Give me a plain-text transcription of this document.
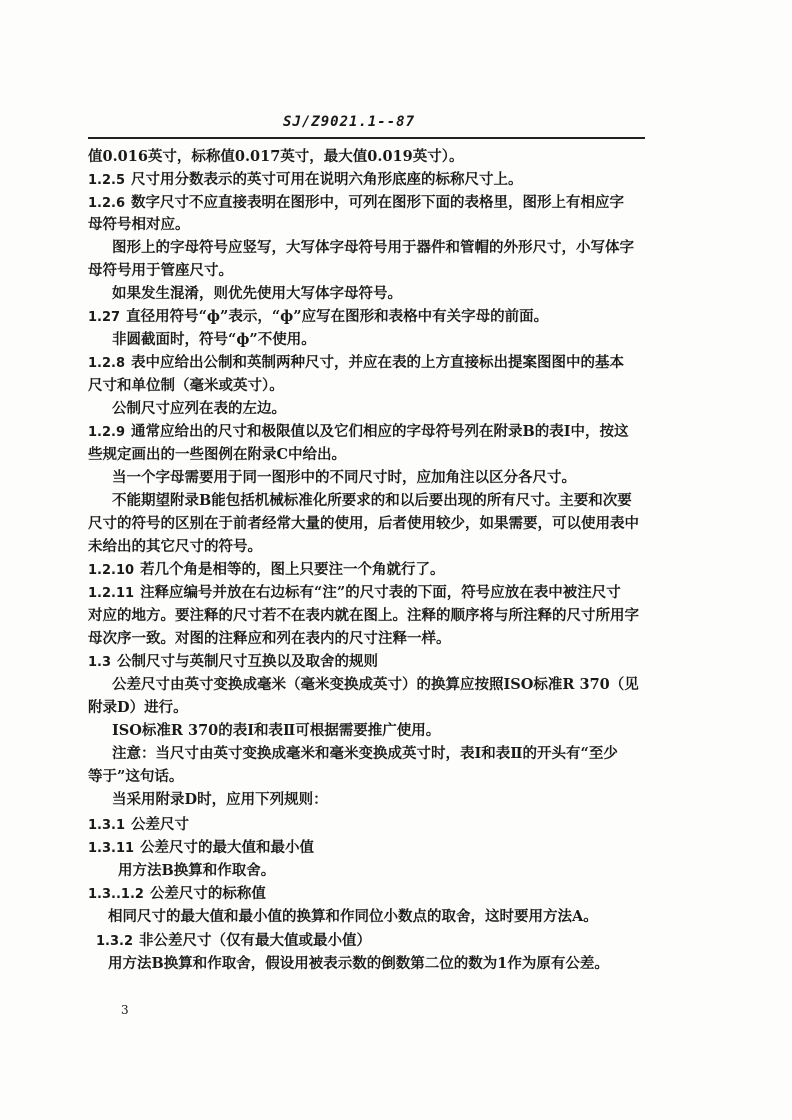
SJ/Z9021.1--87
值0.016英寸，标称值0.017英寸，最大值0.019英寸）。
1.2.5 尺寸用分数表示的英寸可用在说明六角形底座的标称尺寸上。
1.2.6 数字尺寸不应直接表明在图形中，可列在图形下面的表格里，图形上有相应字
母符号相对应。
图形上的字母符号应竖写，大写体字母符号用于器件和管帽的外形尺寸，小写体字
母符号用于管座尺寸。
如果发生混淆，则优先使用大写体字母符号。
1.27 直径用符号“ф”表示，“ф”应写在图形和表格中有关字母的前面。
非圆截面时，符号“ф”不使用。
1.2.8 表中应给出公制和英制两种尺寸，并应在表的上方直接标出提案图图中的基本
尺寸和单位制（毫米或英寸）。
公制尺寸应列在表的左边。
1.2.9 通常应给出的尺寸和极限值以及它们相应的字母符号列在附录B的表Ⅰ中，按这
些规定画出的一些图例在附录C中给出。
当一个字母需要用于同一图形中的不同尺寸时，应加角注以区分各尺寸。
不能期望附录B能包括机械标准化所要求的和以后要出现的所有尺寸。主要和次要
尺寸的符号的区别在于前者经常大量的使用，后者使用较少，如果需要，可以使用表中
未给出的其它尺寸的符号。
1.2.10 若几个角是相等的，图上只要注一个角就行了。
1.2.11 注释应编号并放在右边标有“注”的尺寸表的下面，符号应放在表中被注尺寸
对应的地方。要注释的尺寸若不在表内就在图上。注释的顺序将与所注释的尺寸所用字
母次序一致。对图的注释应和列在表内的尺寸注释一样。
1.3 公制尺寸与英制尺寸互换以及取舍的规则
公差尺寸由英寸变换成毫米（毫米变换成英寸）的换算应按照ISO标准R 370（见
附录D）进行。
ISO标准R 370的表Ⅰ和表Ⅱ可根据需要推广使用。
注意：当尺寸由英寸变换成毫米和毫米变换成英寸时，表Ⅰ和表Ⅱ的开头有“至少
等于”这句话。
当采用附录D时，应用下列规则：
1.3.1 公差尺寸
1.3.11 公差尺寸的最大值和最小值
用方法B换算和作取舍。
1.3..1.2 公差尺寸的标称值
相同尺寸的最大值和最小值的换算和作同位小数点的取舍，这时要用方法A。
1.3.2 非公差尺寸（仅有最大值或最小值）
用方法B换算和作取舍，假设用被表示数的倒数第二位的数为1作为原有公差。
3
